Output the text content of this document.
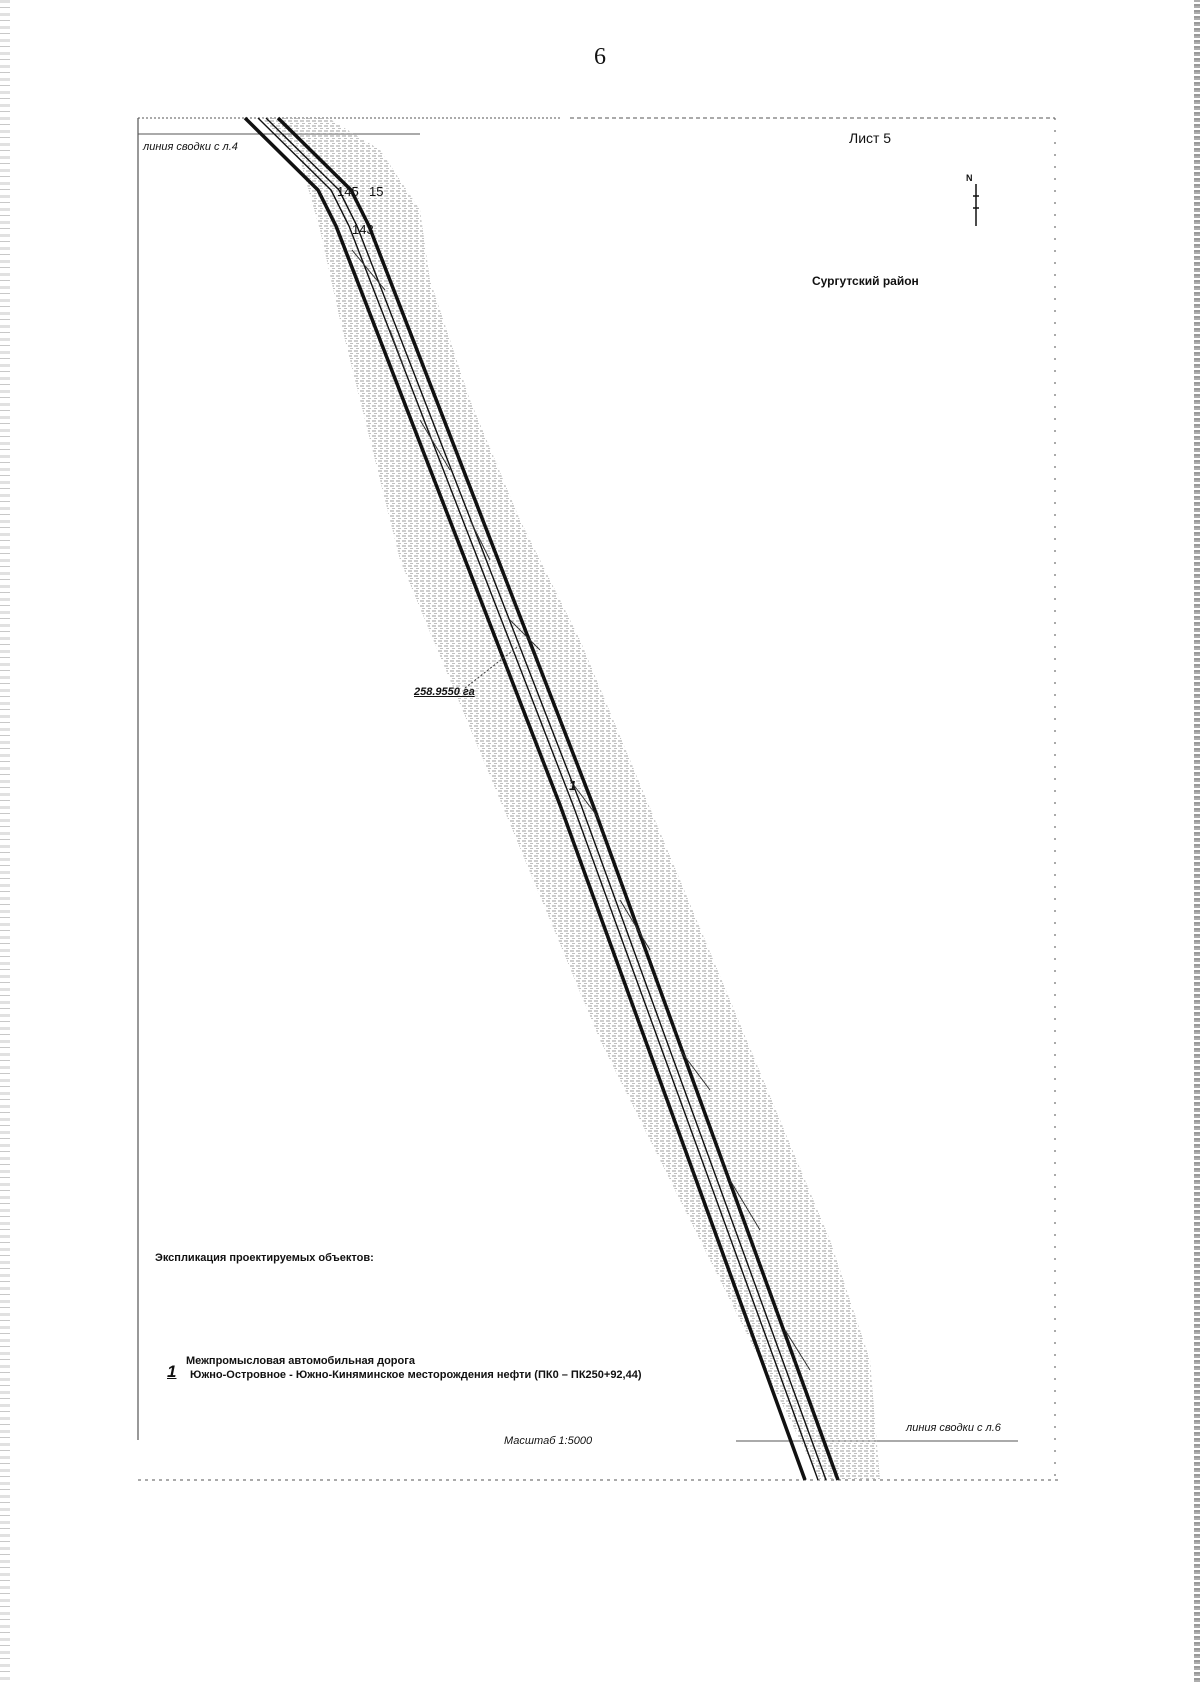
6
Лист 5
N
Сургутский район
линия сводки с л.4
линия сводки с л.6
258.9550 га
Масштаб 1:5000
145 15
143
1
Экспликация проектируемых объектов:
1
Межпромысловая автомобильная дорога
Южно-Островное - Южно-Киняминское месторождения нефти (ПК0 – ПК250+92,44)
